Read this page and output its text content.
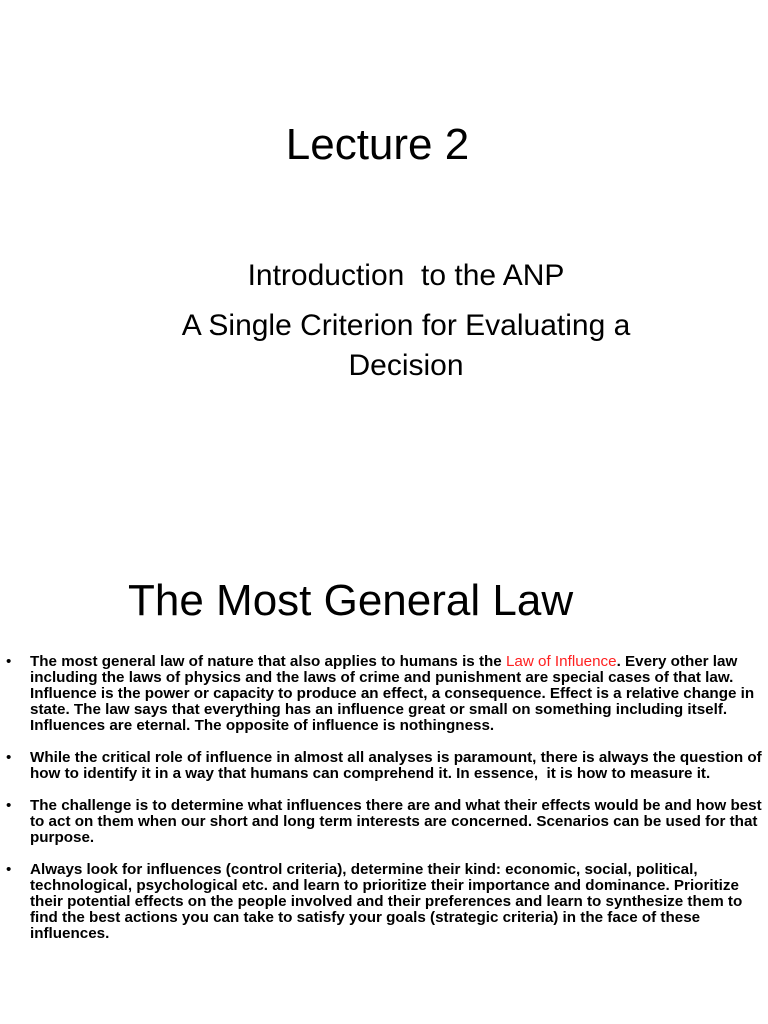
Lecture 2
Introduction  to the ANP
A Single Criterion for Evaluating a Decision
The Most General Law
• The most general law of nature that also applies to humans is the Law of Influence. Every other law including the laws of physics and the laws of crime and punishment are special cases of that law.  Influence is the power or capacity to produce an effect, a consequence. Effect is a relative change in state. The law says that everything has an influence great or small on something including itself. Influences are eternal. The opposite of influence is nothingness.
• While the critical role of influence in almost all analyses is paramount, there is always the question of how to identify it in a way that humans can comprehend it. In essence,  it is how to measure it.
• The challenge is to determine what influences there are and what their effects would be and how best to act on them when our short and long term interests are concerned. Scenarios can be used for that purpose.
• Always look for influences (control criteria), determine their kind: economic, social, political, technological, psychological etc. and learn to prioritize their importance and dominance. Prioritize their potential effects on the people involved and their preferences and learn to synthesize them to find the best actions you can take to satisfy your goals (strategic criteria) in the face of these influences.
